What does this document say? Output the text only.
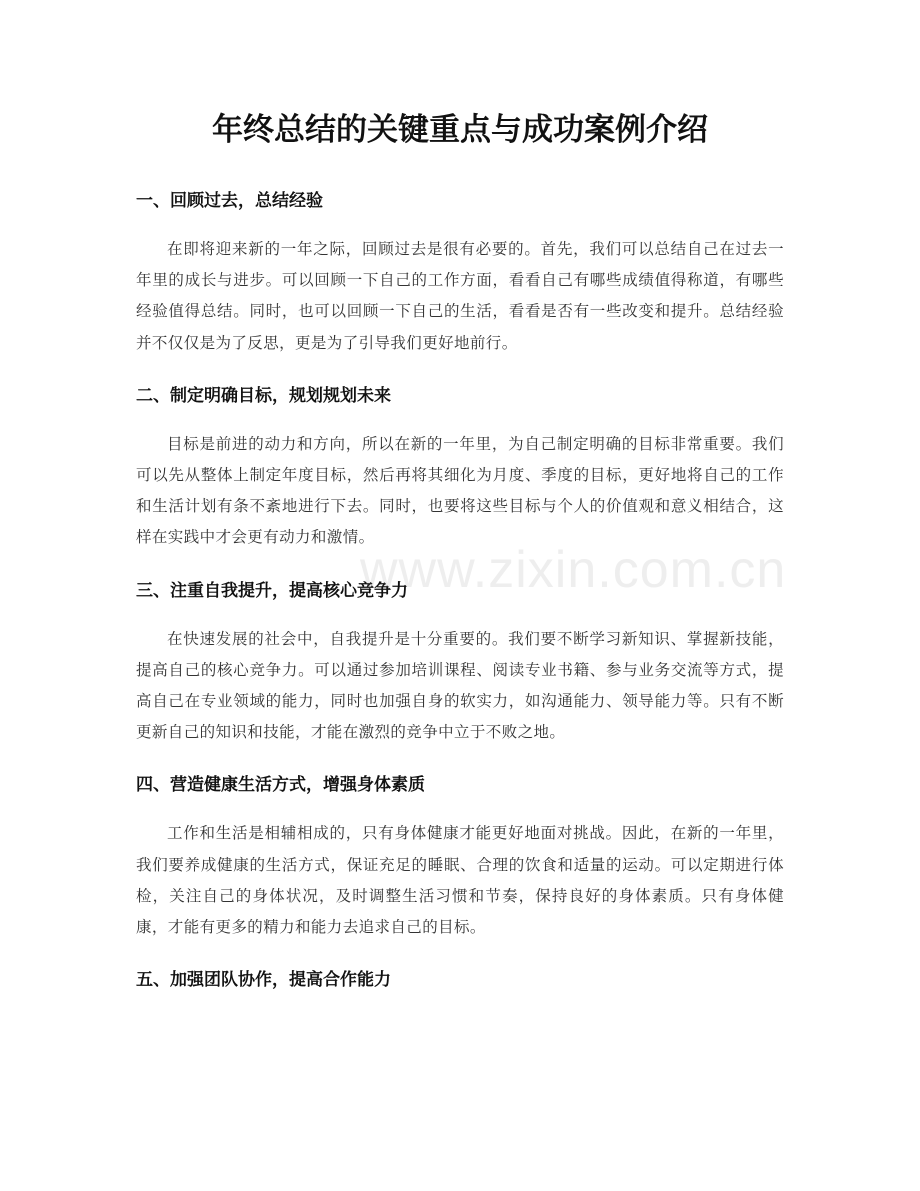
年终总结的关键重点与成功案例介绍
一、回顾过去，总结经验

在即将迎来新的一年之际，回顾过去是很有必要的。首先，我们可以总结自己在过去一年里的成长与进步。可以回顾一下自己的工作方面，看看自己有哪些成绩值得称道，有哪些经验值得总结。同时，也可以回顾一下自己的生活，看看是否有一些改变和提升。总结经验并不仅仅是为了反思，更是为了引导我们更好地前行。

二、制定明确目标，规划规划未来

目标是前进的动力和方向，所以在新的一年里，为自己制定明确的目标非常重要。我们可以先从整体上制定年度目标，然后再将其细化为月度、季度的目标，更好地将自己的工作和生活计划有条不紊地进行下去。同时，也要将这些目标与个人的价值观和意义相结合，这样在实践中才会更有动力和激情。

三、注重自我提升，提高核心竞争力

在快速发展的社会中，自我提升是十分重要的。我们要不断学习新知识、掌握新技能，提高自己的核心竞争力。可以通过参加培训课程、阅读专业书籍、参与业务交流等方式，提高自己在专业领域的能力，同时也加强自身的软实力，如沟通能力、领导能力等。只有不断更新自己的知识和技能，才能在激烈的竞争中立于不败之地。

四、营造健康生活方式，增强身体素质

工作和生活是相辅相成的，只有身体健康才能更好地面对挑战。因此，在新的一年里，我们要养成健康的生活方式，保证充足的睡眠、合理的饮食和适量的运动。可以定期进行体检，关注自己的身体状况，及时调整生活习惯和节奏，保持良好的身体素质。只有身体健康，才能有更多的精力和能力去追求自己的目标。

五、加强团队协作，提高合作能力
www.zixin.com.cn
